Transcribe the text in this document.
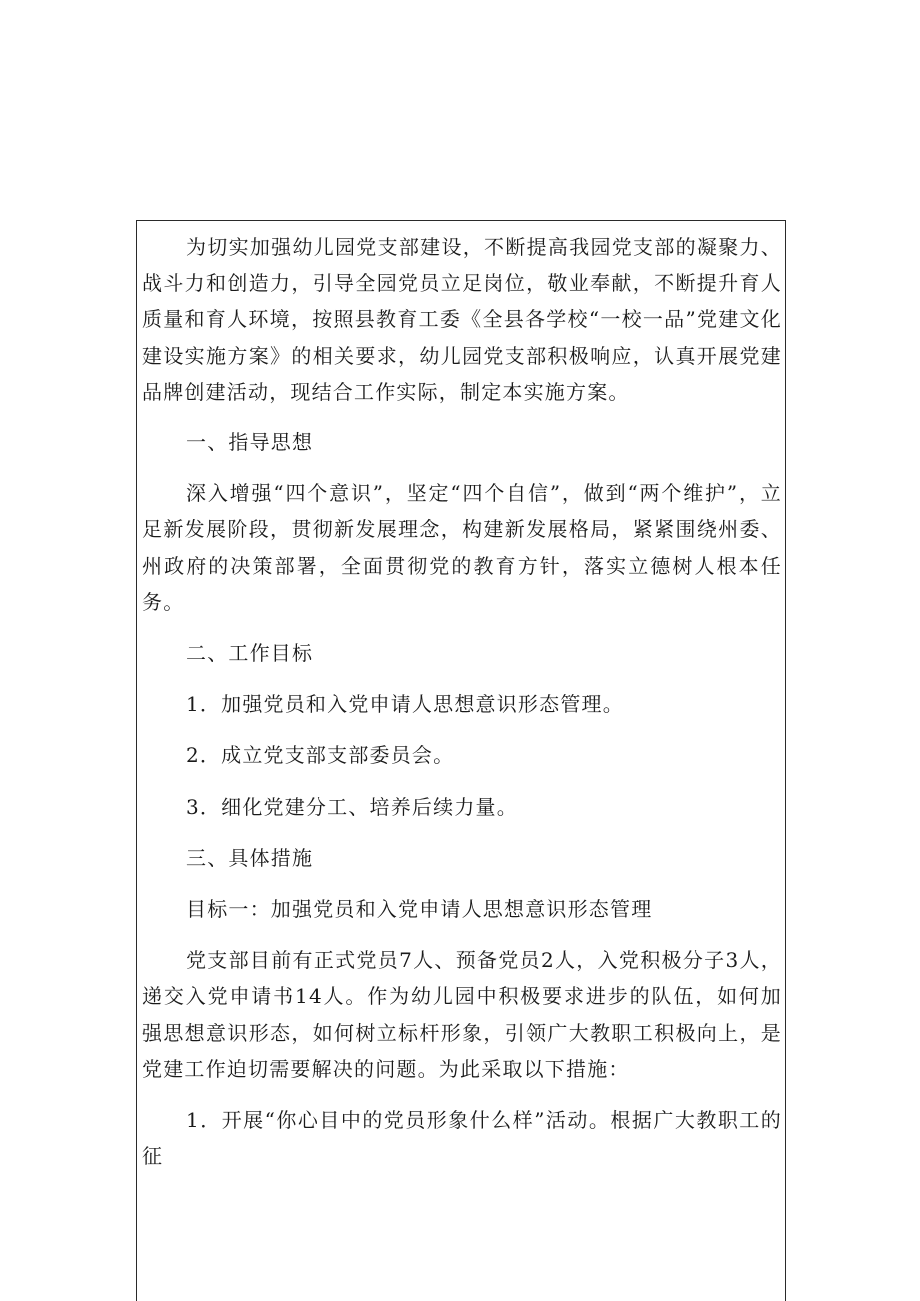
为切实加强幼儿园党支部建设，不断提高我园党支部的凝聚力、战斗力和创造力，引导全园党员立足岗位，敬业奉献，不断提升育人质量和育人环境，按照县教育工委《全县各学校“一校一品”党建文化建设实施方案》的相关要求，幼儿园党支部积极响应，认真开展党建品牌创建活动，现结合工作实际，制定本实施方案。

一、指导思想

深入增强“四个意识”，坚定“四个自信”，做到“两个维护”，立足新发展阶段，贯彻新发展理念，构建新发展格局，紧紧围绕州委、州政府的决策部署，全面贯彻党的教育方针，落实立德树人根本任务。

二、工作目标

1．加强党员和入党申请人思想意识形态管理。

2．成立党支部支部委员会。

3．细化党建分工、培养后续力量。

三、具体措施

目标一：加强党员和入党申请人思想意识形态管理

党支部目前有正式党员7人、预备党员2人，入党积极分子3人，递交入党申请书14人。作为幼儿园中积极要求进步的队伍，如何加强思想意识形态，如何树立标杆形象，引领广大教职工积极向上，是党建工作迫切需要解决的问题。为此采取以下措施：

1．开展“你心目中的党员形象什么样”活动。根据广大教职工的征
